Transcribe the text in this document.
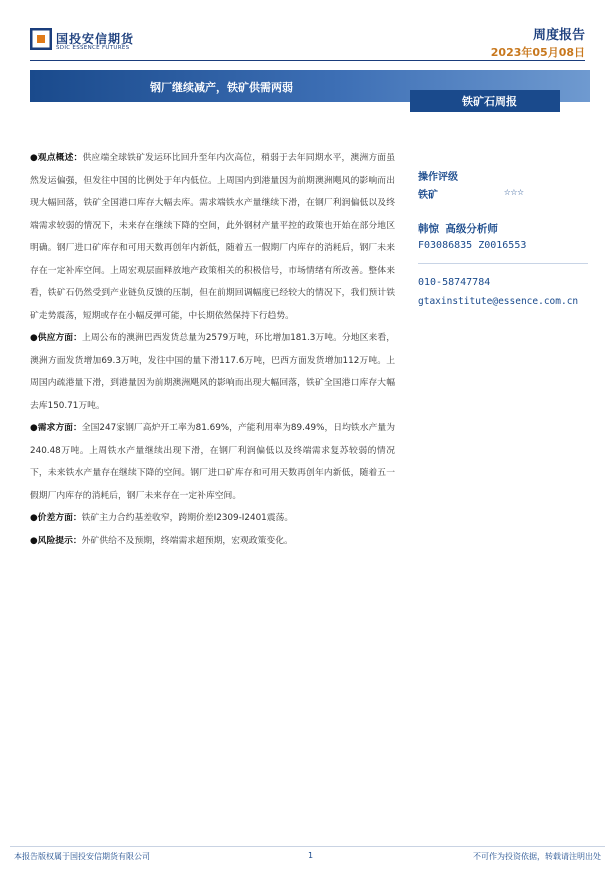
国投安信期货
SDIC ESSENCE FUTURES
周度报告
2023年05月08日
钢厂继续减产，铁矿供需两弱
铁矿石周报

●观点概述：供应端全球铁矿发运环比回升至年内次高位，稍弱于去年同期水平，澳洲方面虽然发运偏强，但发往中国的比例处于年内低位。上周国内到港量因为前期澳洲飓风的影响而出现大幅回落，铁矿全国港口库存大幅去库。需求端铁水产量继续下滑，在钢厂利润偏低以及终端需求较弱的情况下，未来存在继续下降的空间，此外钢材产量平控的政策也开始在部分地区明确。钢厂进口矿库存和可用天数再创年内新低，随着五一假期厂内库存的消耗后，钢厂未来存在一定补库空间。上周宏观层面释放地产政策相关的积极信号，市场情绪有所改善。整体来看，铁矿石仍然受到产业链负反馈的压制，但在前期回调幅度已经较大的情况下，我们预计铁矿走势震荡，短期或存在小幅反弹可能，中长期依然保持下行趋势。

●供应方面：上周公布的澳洲巴西发货总量为2579万吨，环比增加181.3万吨。分地区来看，澳洲方面发货增加69.3万吨，发往中国的量下滑117.6万吨，巴西方面发货增加112万吨。上周国内疏港量下滑，到港量因为前期澳洲飓风的影响而出现大幅回落，铁矿全国港口库存大幅去库150.71万吨。

●需求方面：全国247家钢厂高炉开工率为81.69%，产能利用率为89.49%，日均铁水产量为240.48万吨。上周铁水产量继续出现下滑，在钢厂利润偏低以及终端需求复苏较弱的情况下，未来铁水产量存在继续下降的空间。钢厂进口矿库存和可用天数再创年内新低，随着五一假期厂内库存的消耗后，钢厂未来存在一定补库空间。

●价差方面：铁矿主力合约基差收窄，跨期价差I2309-I2401震荡。

●风险提示：外矿供给不及预期，终端需求超预期，宏观政策变化。

操作评级
铁矿	☆☆☆
韩惊 高级分析师
F03086835 Z0016553
010-58747784
gtaxinstitute@essence.com.cn
本报告版权属于国投安信期货有限公司	1	不可作为投资依据，转载请注明出处
